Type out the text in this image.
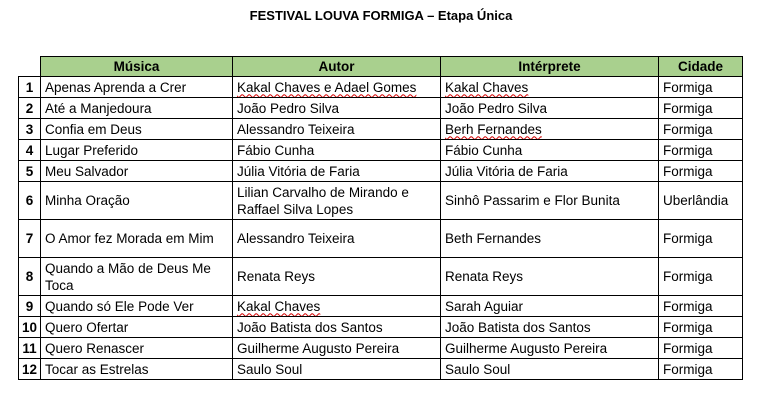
FESTIVAL LOUVA FORMIGA – Etapa Única
	Música	Autor	Intérprete	Cidade
1	Apenas Aprenda a Crer	Kakal Chaves e Adael Gomes	Kakal Chaves	Formiga
2	Até a Manjedoura	João Pedro Silva	João Pedro Silva	Formiga
3	Confia em Deus	Alessandro Teixeira	Berh Fernandes	Formiga
4	Lugar Preferido	Fábio Cunha	Fábio Cunha	Formiga
5	Meu Salvador	Júlia Vitória de Faria	Júlia Vitória de Faria	Formiga
6	Minha Oração	Lilian Carvalho de Mirando e Raffael Silva Lopes	Sinhô Passarim e Flor Bunita	Uberlândia
7	O Amor fez Morada em Mim	Alessandro Teixeira	Beth Fernandes	Formiga
8	Quando a Mão de Deus Me Toca	Renata Reys	Renata Reys	Formiga
9	Quando só Ele Pode Ver	Kakal Chaves	Sarah Aguiar	Formiga
10	Quero Ofertar	João Batista dos Santos	João Batista dos Santos	Formiga
11	Quero Renascer	Guilherme Augusto Pereira	Guilherme Augusto Pereira	Formiga
12	Tocar as Estrelas	Saulo Soul	Saulo Soul	Formiga
